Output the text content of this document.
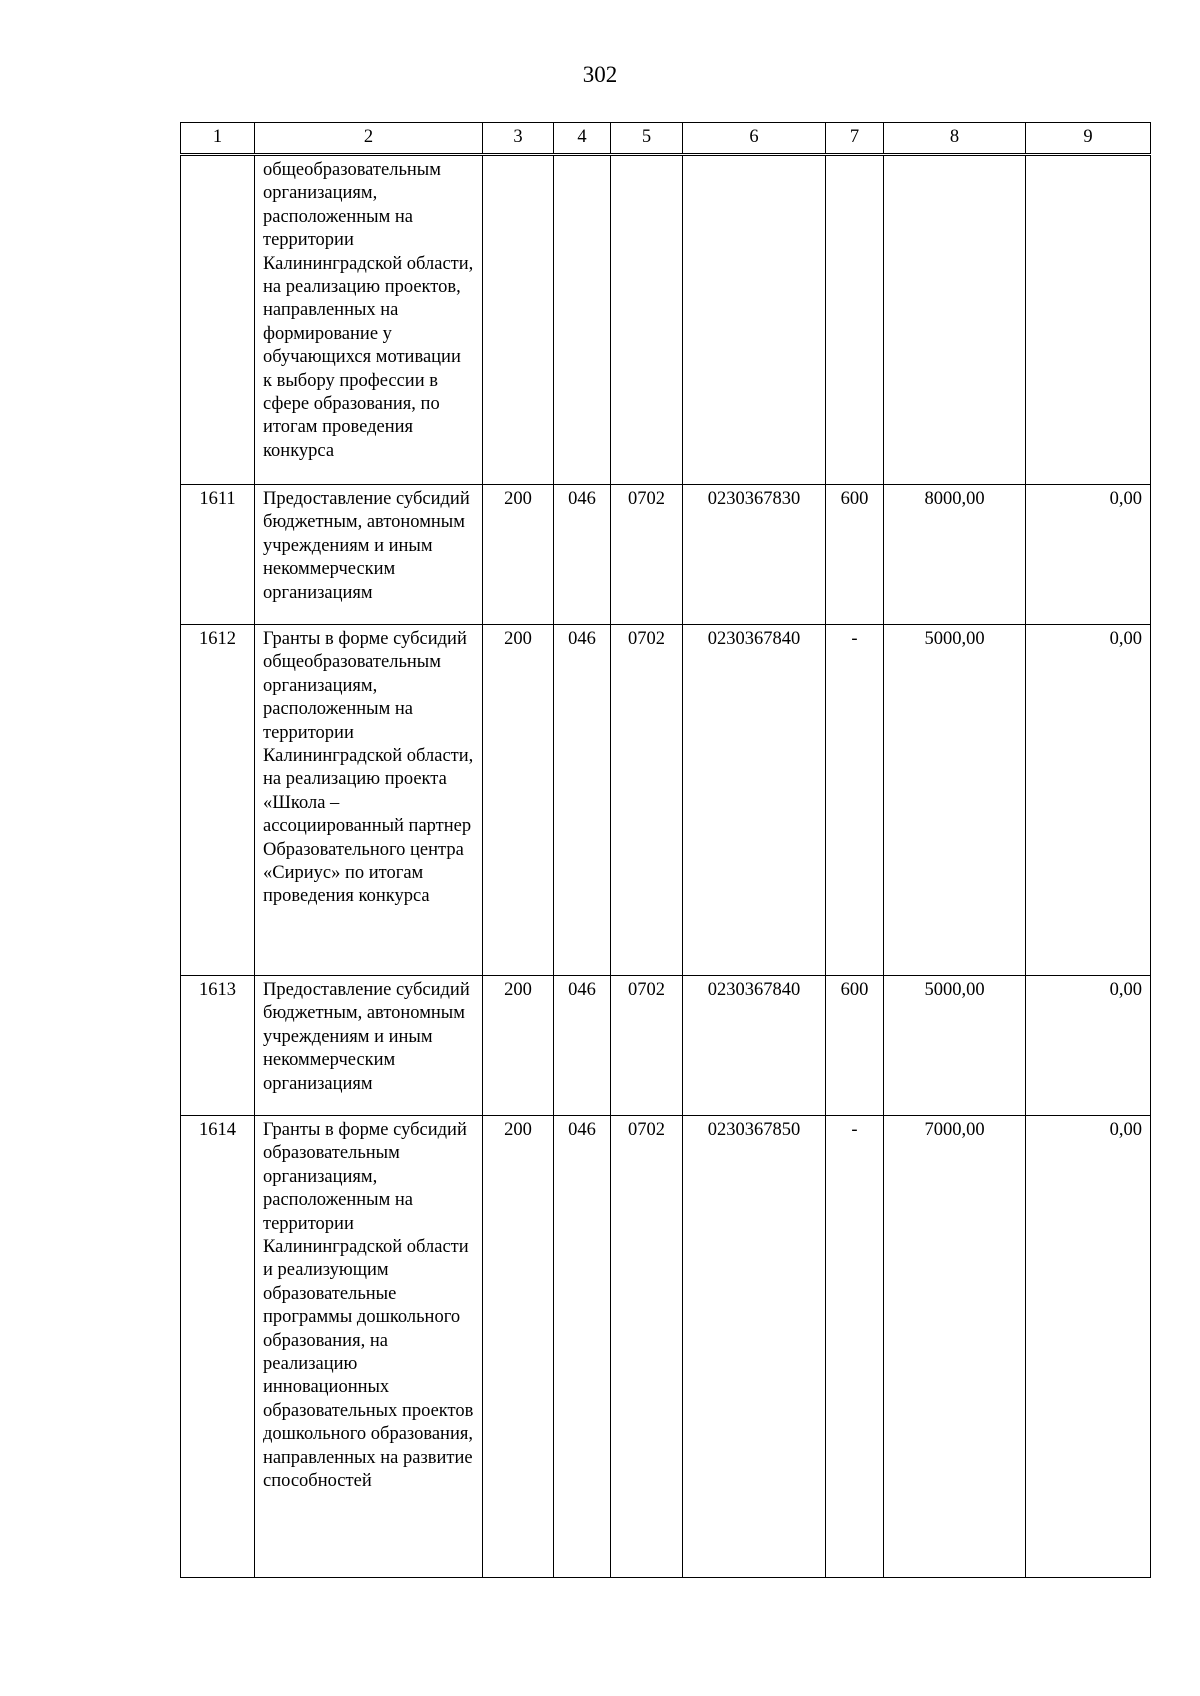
302
1	2	3	4	5	6	7	8	9
	общеобразовательным организациям, расположенным на территории Калининградской области, на реализацию проектов, направленных на формирование у обучающихся мотивации к выбору профессии в сфере образования, по итогам проведения конкурса							
1611	Предоставление субсидий бюджетным, автономным учреждениям и иным некоммерческим организациям	200	046	0702	0230367830	600	8000,00	0,00
1612	Гранты в форме субсидий общеобразовательным организациям, расположенным на территории Калининградской области, на реализацию проекта «Школа – ассоциированный партнер Образовательного центра «Сириус» по итогам проведения конкурса	200	046	0702	0230367840	-	5000,00	0,00
1613	Предоставление субсидий бюджетным, автономным учреждениям и иным некоммерческим организациям	200	046	0702	0230367840	600	5000,00	0,00
1614	Гранты в форме субсидий образовательным организациям, расположенным на территории Калининградской области и реализующим образовательные программы дошкольного образования, на реализацию инновационных образовательных проектов дошкольного образования, направленных на развитие способностей	200	046	0702	0230367850	-	7000,00	0,00
